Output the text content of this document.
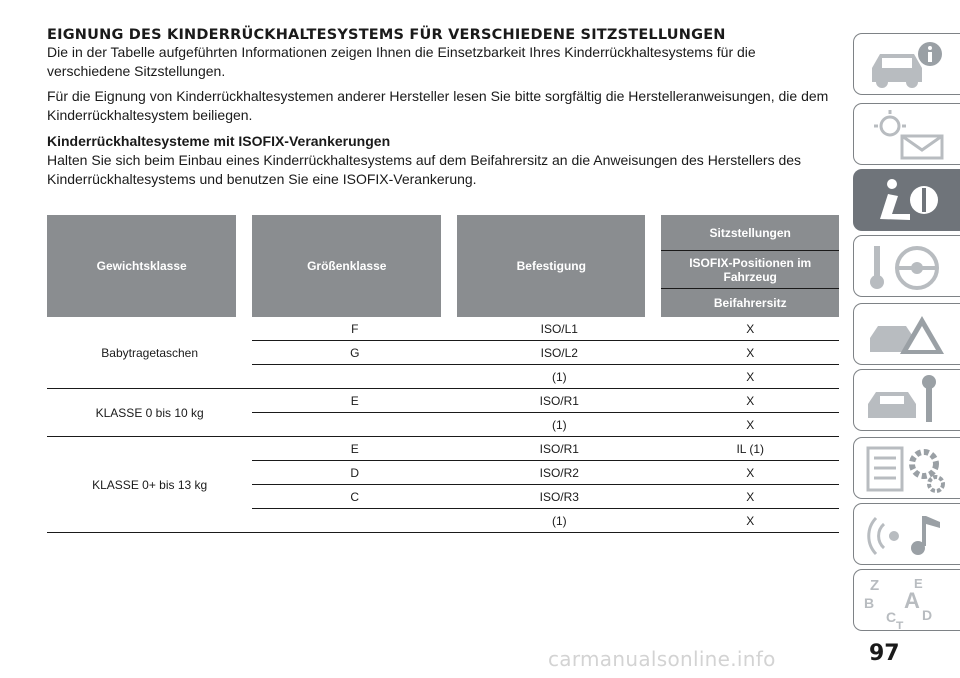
EIGNUNG DES KINDERRÜCKHALTESYSTEMS FÜR VERSCHIEDENE SITZSTELLUNGEN

Die in der Tabelle aufgeführten Informationen zeigen Ihnen die Einsetzbarkeit Ihres Kinderrückhaltesystems für die verschiedene Sitzstellungen.

Für die Eignung von Kinderrückhaltesystemen anderer Hersteller lesen Sie bitte sorgfältig die Herstelleranweisungen, die dem Kinderrückhaltesystem beiliegen.

Kinderrückhaltesysteme mit ISOFIX-Verankerungen

Halten Sie sich beim Einbau eines Kinderrückhaltesystems auf dem Beifahrersitz an die Anweisungen des Herstellers des Kinderrückhaltesystems und benutzen Sie eine ISOFIX-Verankerung.

Gewichtsklasse	Größenklasse	Befestigung	Sitzstellungen
			ISOFIX-Positionen im Fahrzeug
			Beifahrersitz
Babytragetaschen	F	ISO/L1	X
	G	ISO/L2	X
		(1)	X
KLASSE 0 bis 10 kg	E	ISO/R1	X
		(1)	X
KLASSE 0+ bis 13 kg	E	ISO/R1	IL (1)
	D	ISO/R2	X
	C	ISO/R3	X
		(1)	X
Z	E
B A
C D
T
97
carmanualsonline.info
